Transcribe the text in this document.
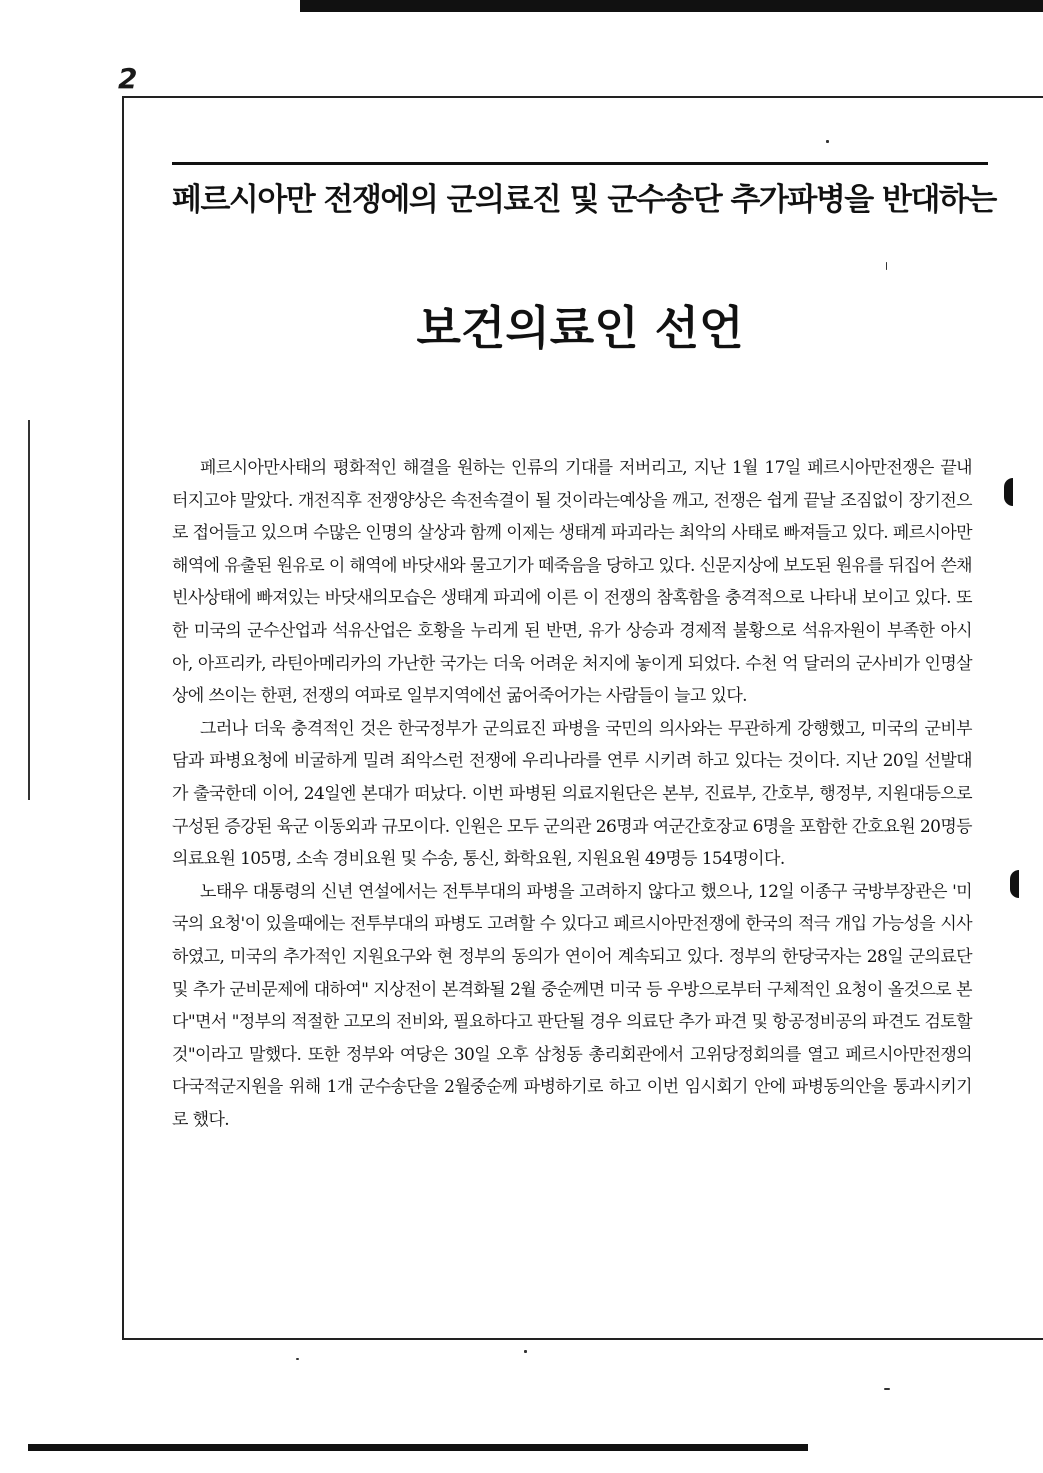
2
페르시아만 전쟁에의 군의료진 및 군수송단 추가파병을 반대하는
보건의료인 선언

페르시아만사태의 평화적인 해결을 원하는 인류의 기대를 저버리고, 지난 1월 17일 페르시아만전쟁은 끝내 터지고야 말았다. 개전직후 전쟁양상은 속전속결이 될 것이라는예상을 깨고, 전쟁은 쉽게 끝날 조짐없이 장기전으로 접어들고 있으며 수많은 인명의 살상과 함께 이제는 생태계 파괴라는 최악의 사태로 빠져들고 있다. 페르시아만해역에 유출된 원유로 이 해역에 바닷새와 물고기가 떼죽음을 당하고 있다. 신문지상에 보도된 원유를 뒤집어 쓴채 빈사상태에 빠져있는 바닷새의모습은 생태계 파괴에 이른 이 전쟁의 참혹함을 충격적으로 나타내 보이고 있다. 또한 미국의 군수산업과 석유산업은 호황을 누리게 된 반면, 유가 상승과 경제적 불황으로 석유자원이 부족한 아시아, 아프리카, 라틴아메리카의 가난한 국가는 더욱 어려운 처지에 놓이게 되었다. 수천 억 달러의 군사비가 인명살상에 쓰이는 한편, 전쟁의 여파로 일부지역에선 굶어죽어가는 사람들이 늘고 있다.

그러나 더욱 충격적인 것은 한국정부가 군의료진 파병을 국민의 의사와는 무관하게 강행했고, 미국의 군비부담과 파병요청에 비굴하게 밀려 죄악스런 전쟁에 우리나라를 연루 시키려 하고 있다는 것이다. 지난 20일 선발대가 출국한데 이어, 24일엔 본대가 떠났다. 이번 파병된 의료지원단은 본부, 진료부, 간호부, 행정부, 지원대등으로 구성된 증강된 육군 이동외과 규모이다. 인원은 모두 군의관 26명과 여군간호장교 6명을 포함한 간호요원 20명등 의료요원 105명, 소속 경비요원 및 수송, 통신, 화학요원, 지원요원 49명등 154명이다.

노태우 대통령의 신년 연설에서는 전투부대의 파병을 고려하지 않다고 했으나, 12일 이종구 국방부장관은 '미국의 요청'이 있을때에는 전투부대의 파병도 고려할 수 있다고 페르시아만전쟁에 한국의 적극 개입 가능성을 시사하였고, 미국의 추가적인 지원요구와 현 정부의 동의가 연이어 계속되고 있다. 정부의 한당국자는 28일 군의료단 및 추가 군비문제에 대하여" 지상전이 본격화될 2월 중순께면 미국 등 우방으로부터 구체적인 요청이 올것으로 본다"면서 "정부의 적절한 고모의 전비와, 필요하다고 판단될 경우 의료단 추가 파견 및 항공정비공의 파견도 검토할 것"이라고 말했다. 또한 정부와 여당은 30일 오후 삼청동 총리회관에서 고위당정회의를 열고 페르시아만전쟁의 다국적군지원을 위해 1개 군수송단을 2월중순께 파병하기로 하고 이번 임시회기 안에 파병동의안을 통과시키기로 했다.
